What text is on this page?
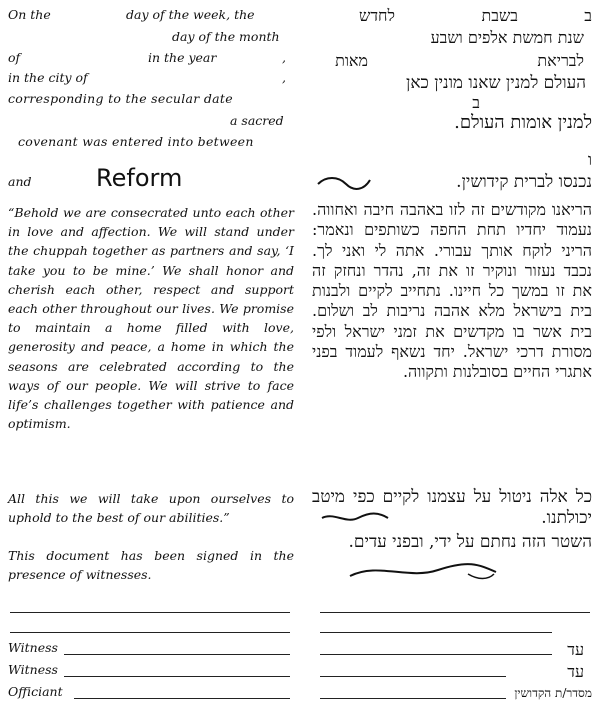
On the	day of the week, the
day of the month
of	in the year	,
in the city of	,
corresponding to the secular date
a sacred
covenant was entered into between
and	Reform
“Behold we are consecrated unto each other in love and affection. We will stand under the chuppah together as partners and say, ‘I take you to be mine.’ We shall honor and cherish each other, respect and support each other throughout our lives. We promise to maintain a home filled with love, generosity and peace, a home in which the seasons are celebrated according to the ways of our people. We will strive to face life’s challenges together with patience and optimism.
All this we will take upon ourselves to uphold to the best of our abilities.”
This document has been signed in the presence of witnesses.
Witness
Witness
Officiant
ב
בשבת
לחדש
שנת חמשת אלפים ושבע
מאות	לבריאת
העולם למנין שאנו מונין כאן
ב
למנין אומות העולם.
ו
נכנסו לברית קידושין.
הריאנו מקודשים זה לזו באהבה חיבה ואחווה. נעמוד יחדיו תחת החפה כשותפים ונאמר: הריני לוקח אותך עבורי. אתה לי ואני לך. נכבד נעזור ונוקיר זו את זה, נהדר ונחזק זה את זו במשך כל חיינו. נתחייב לקיים ולבנות בית בישראל מלא אהבה נריבות לב ושלום. בית אשר בו מקדשים את זמני ישראל ולפי מסורת דרכי ישראל. יחד נשאף לעמוד בפני אתגרי החיים בסובלנות ותקווה.
כל אלה ניטול על עצמנו לקיים כפי מיטב יכולתנו.
השטר הזה נחתם על ידי, ובפני עדים.
עד
עד
מסדר/ת הקדושין
